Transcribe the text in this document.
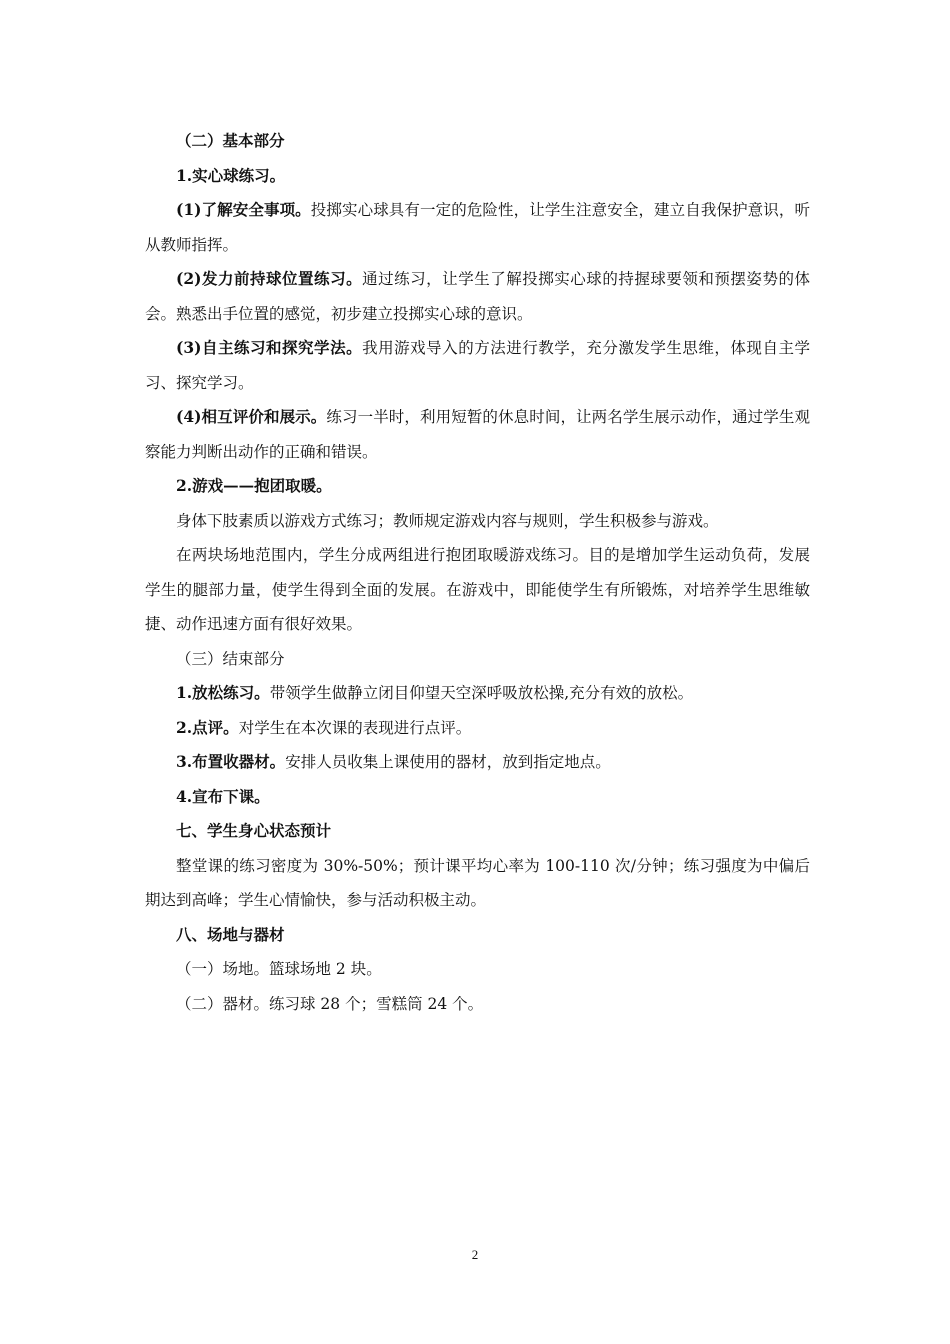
（二）基本部分

1.实心球练习。

(1)了解安全事项。投掷实心球具有一定的危险性，让学生注意安全，建立自我保护意识，听从教师指挥。

(2)发力前持球位置练习。通过练习，让学生了解投掷实心球的持握球要领和预摆姿势的体会。熟悉出手位置的感觉，初步建立投掷实心球的意识。

(3)自主练习和探究学法。我用游戏导入的方法进行教学，充分激发学生思维，体现自主学习、探究学习。

(4)相互评价和展示。练习一半时，利用短暂的休息时间，让两名学生展示动作，通过学生观察能力判断出动作的正确和错误。

2.游戏——抱团取暖。

身体下肢素质以游戏方式练习；教师规定游戏内容与规则，学生积极参与游戏。

在两块场地范围内，学生分成两组进行抱团取暖游戏练习。目的是增加学生运动负荷，发展学生的腿部力量，使学生得到全面的发展。在游戏中，即能使学生有所锻炼，对培养学生思维敏捷、动作迅速方面有很好效果。

（三）结束部分

1.放松练习。带领学生做静立闭目仰望天空深呼吸放松操,充分有效的放松。

2.点评。对学生在本次课的表现进行点评。

3.布置收器材。安排人员收集上课使用的器材，放到指定地点。

4.宣布下课。

七、学生身心状态预计

整堂课的练习密度为 30%-50%；预计课平均心率为 100-110 次/分钟；练习强度为中偏后期达到高峰；学生心情愉快，参与活动积极主动。

八、场地与器材

（一）场地。篮球场地 2 块。

（二）器材。练习球 28 个；雪糕筒 24 个。

2
